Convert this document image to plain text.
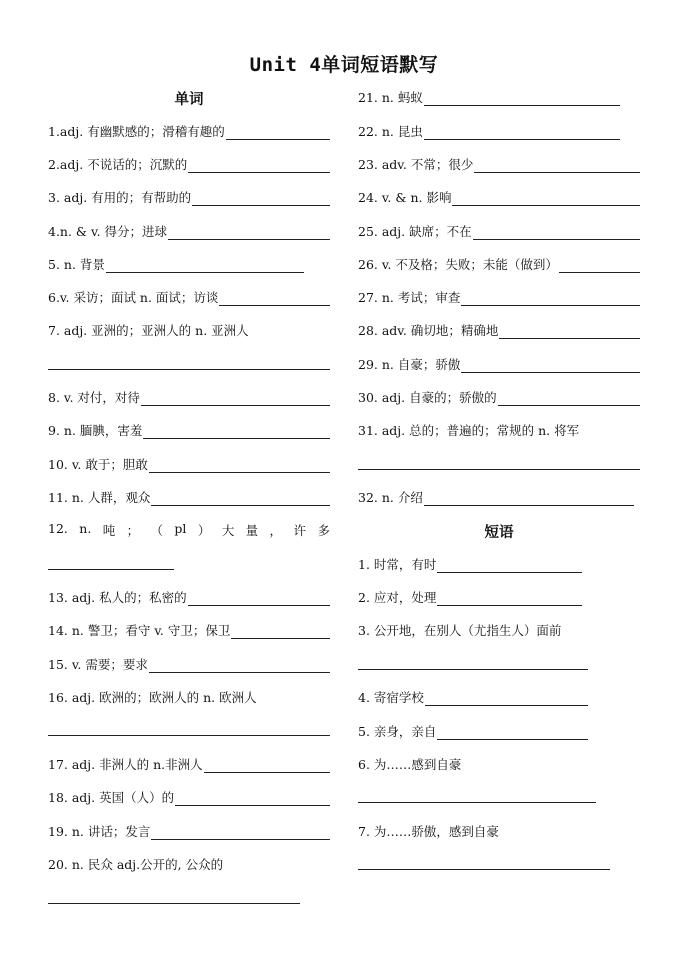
Unit 4单词短语默写
单词
1.adj. 有幽默感的；滑稽有趣的
2.adj. 不说话的；沉默的
3. adj. 有用的；有帮助的
4.n. & v. 得分；进球
5. n. 背景
6.v. 采访；面试 n. 面试；访谈
7. adj. 亚洲的；亚洲人的 n. 亚洲人
8. v. 对付，对待
9. n. 腼腆，害羞
10. v. 敢于；胆敢
11. n. 人群，观众
12. n. 吨 ； （ pl ） 大 量 ， 许 多
13. adj. 私人的；私密的
14. n. 警卫；看守 v. 守卫；保卫
15. v. 需要；要求
16. adj. 欧洲的；欧洲人的 n. 欧洲人
17. adj. 非洲人的 n.非洲人
18. adj. 英国（人）的
19. n. 讲话；发言
20. n. 民众 adj.公开的, 公众的
21. n. 蚂蚁
22. n. 昆虫
23. adv. 不常；很少
24. v. & n. 影响
25. adj. 缺席；不在
26. v. 不及格；失败；未能（做到）
27. n. 考试；审查
28. adv. 确切地；精确地
29. n. 自豪；骄傲
30. adj. 自豪的；骄傲的
31. adj. 总的；普遍的；常规的 n. 将军
32. n. 介绍
短语
1. 时常，有时
2. 应对，处理
3. 公开地，在别人（尤指生人）面前
4. 寄宿学校
5. 亲身，亲自
6. 为……感到自豪
7. 为……骄傲，感到自豪
